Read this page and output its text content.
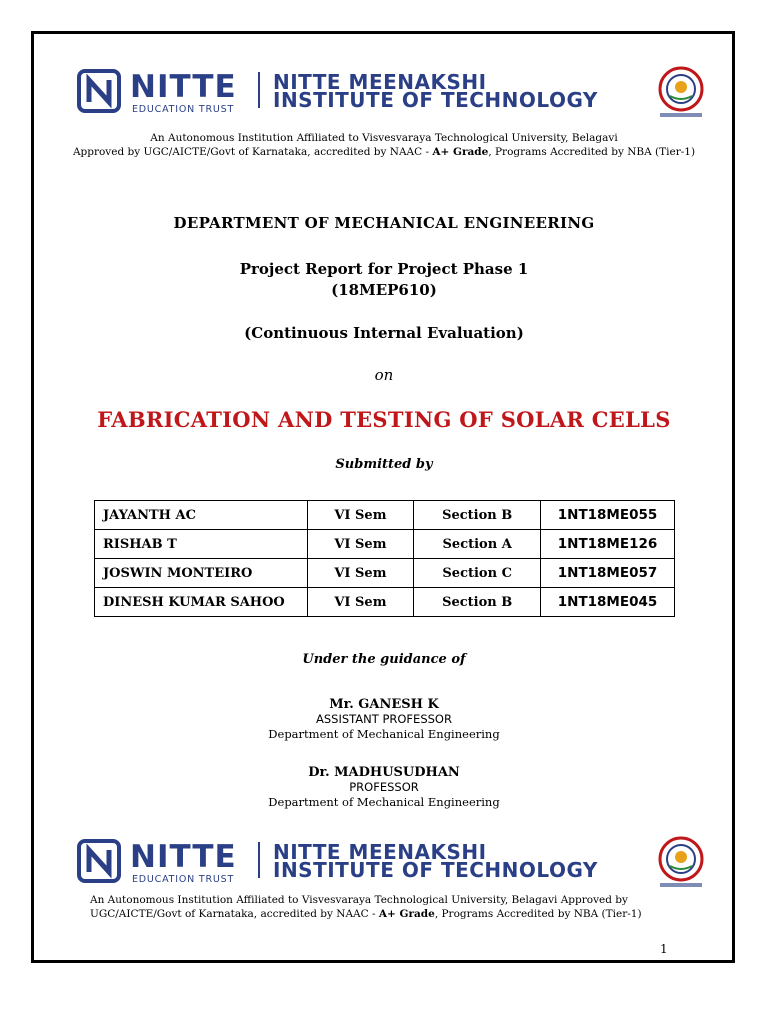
NITTE
EDUCATION TRUST
NITTE MEENAKSHI
INSTITUTE OF TECHNOLOGY
An Autonomous Institution Affiliated to Visvesvaraya Technological University, Belagavi
Approved by UGC/AICTE/Govt of Karnataka, accredited by NAAC - A+ Grade, Programs Accredited by NBA (Tier-1)
DEPARTMENT OF MECHANICAL ENGINEERING
Project Report for Project Phase 1
(18MEP610)
(Continuous Internal Evaluation)
on
FABRICATION AND TESTING OF SOLAR CELLS
Submitted by
JAYANTH AC	VI Sem	Section B	1NT18ME055
RISHAB T	VI Sem	Section A	1NT18ME126
JOSWIN MONTEIRO	VI Sem	Section C	1NT18ME057
DINESH KUMAR SAHOO	VI Sem	Section B	1NT18ME045
Under the guidance of
Mr. GANESH K
ASSISTANT PROFESSOR
Department of Mechanical Engineering
Dr. MADHUSUDHAN
PROFESSOR
Department of Mechanical Engineering
NITTE
EDUCATION TRUST
NITTE MEENAKSHI
INSTITUTE OF TECHNOLOGY
An Autonomous Institution Affiliated to Visvesvaraya Technological University, Belagavi Approved by
UGC/AICTE/Govt of Karnataka, accredited by NAAC - A+ Grade, Programs Accredited by NBA (Tier-1)
1
